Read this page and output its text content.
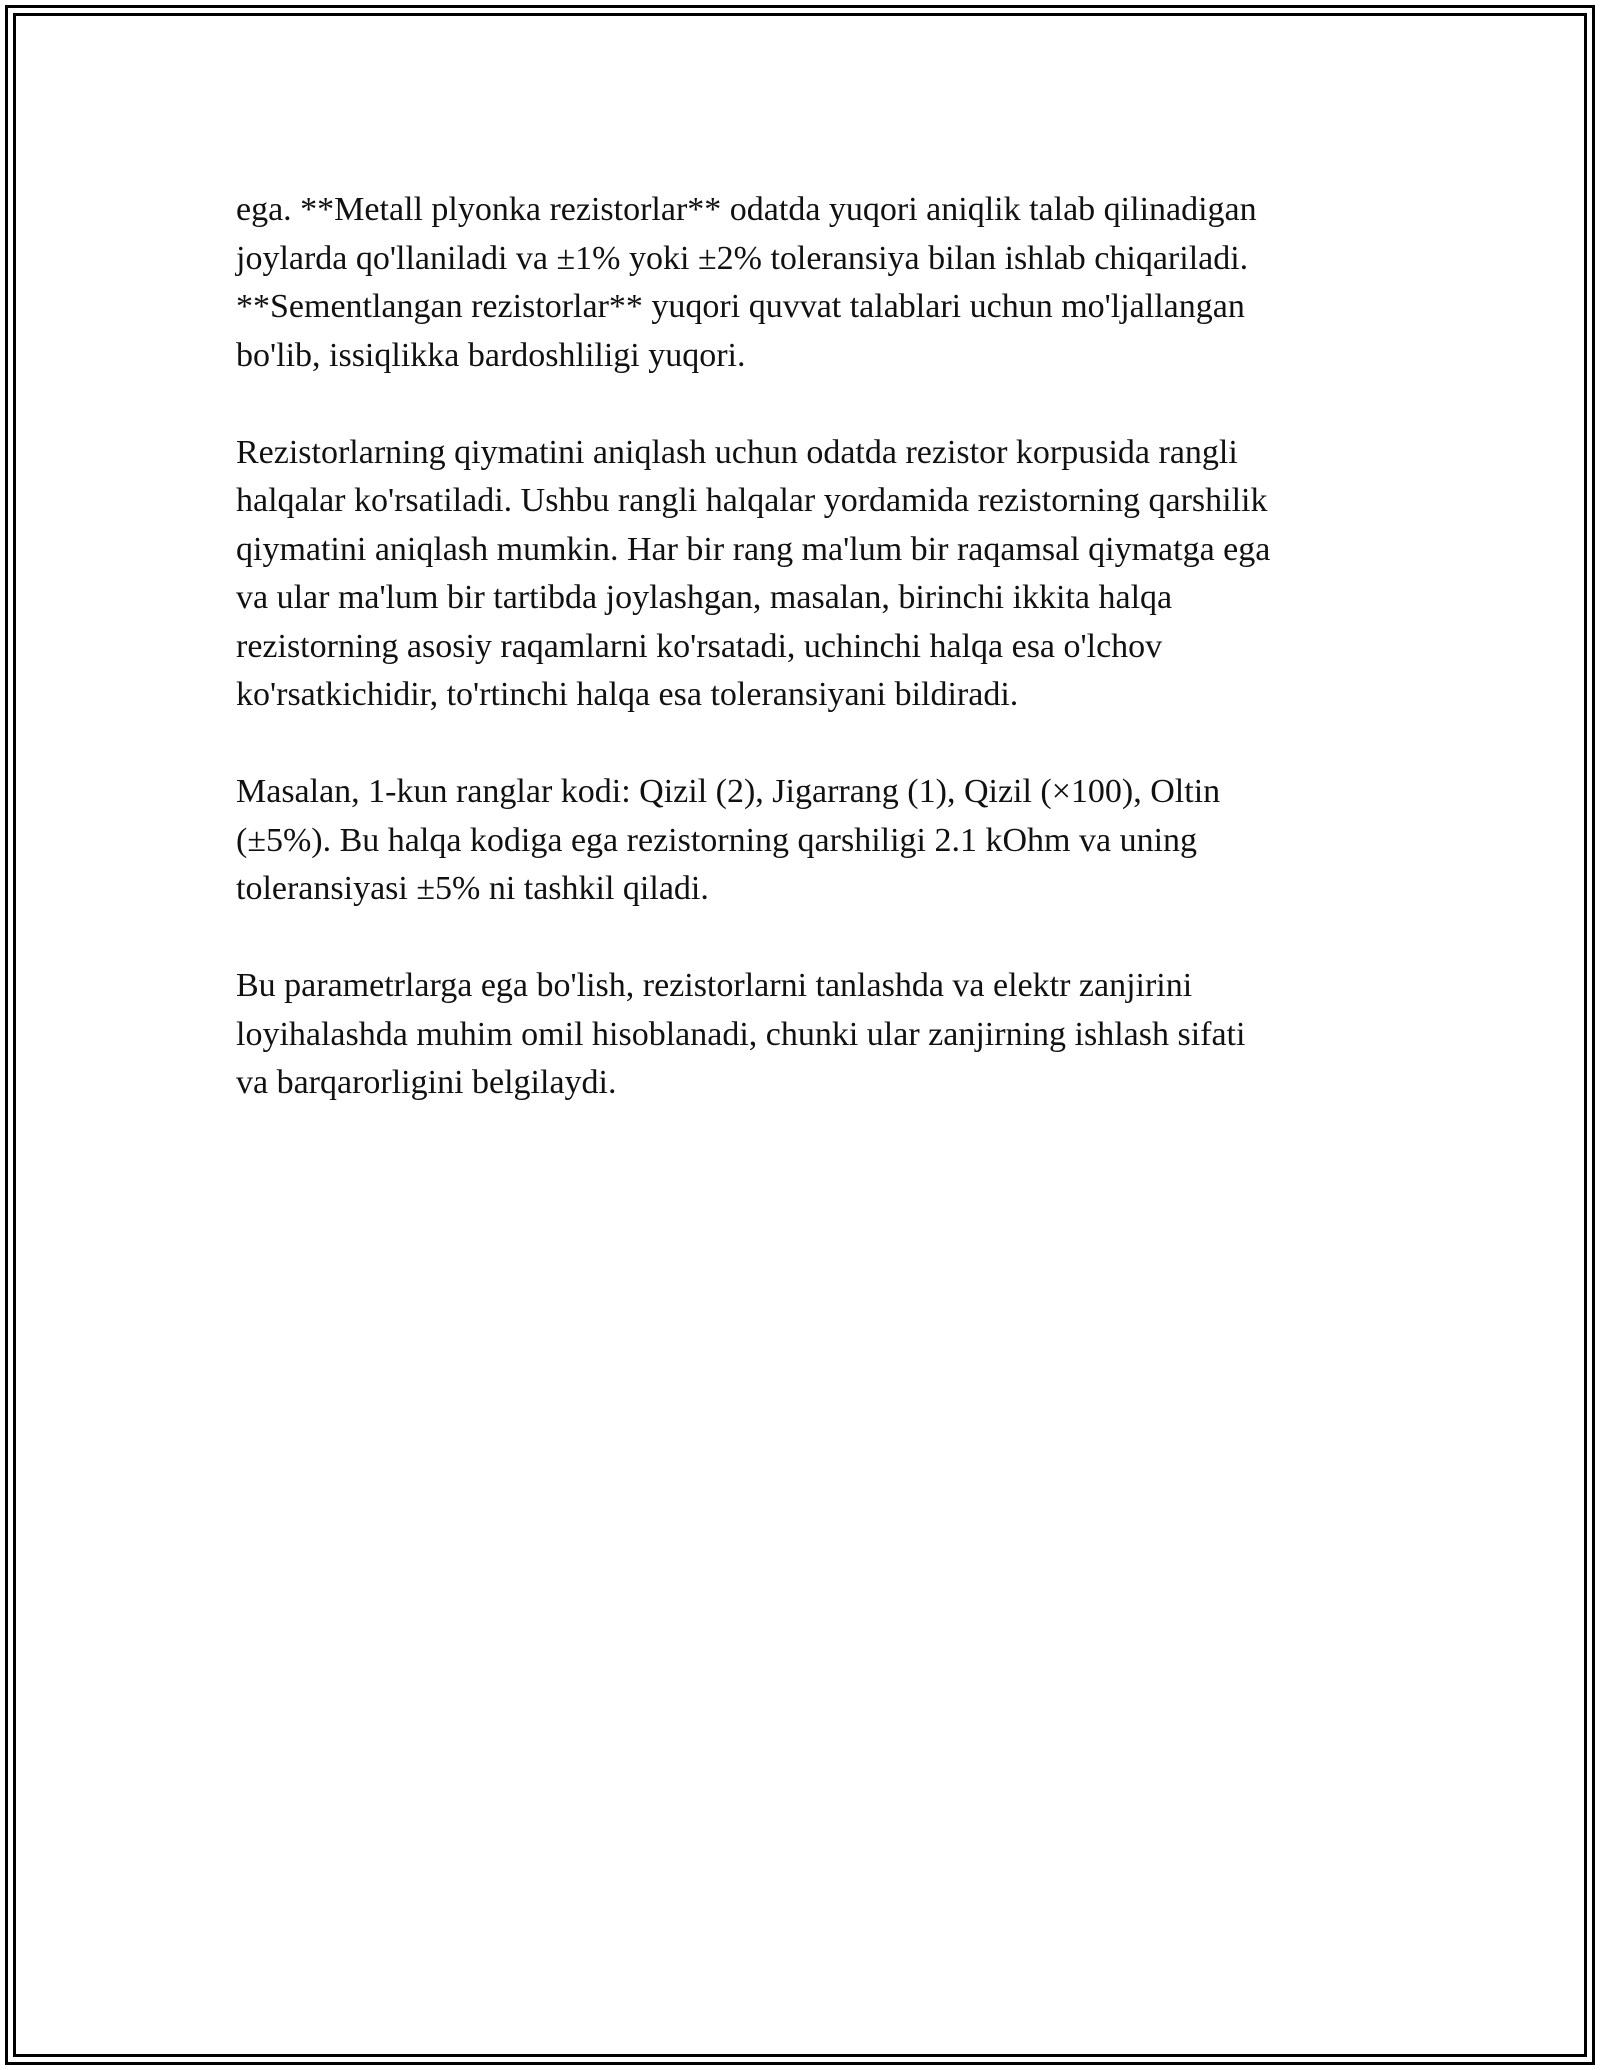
ega. **Metall plyonka rezistorlar** odatda yuqori aniqlik talab qilinadigan
joylarda qo'llaniladi va ±1% yoki ±2% toleransiya bilan ishlab chiqariladi.
**Sementlangan rezistorlar** yuqori quvvat talablari uchun mo'ljallangan
bo'lib, issiqlikka bardoshliligi yuqori.

Rezistorlarning qiymatini aniqlash uchun odatda rezistor korpusida rangli
halqalar ko'rsatiladi. Ushbu rangli halqalar yordamida rezistorning qarshilik
qiymatini aniqlash mumkin. Har bir rang ma'lum bir raqamsal qiymatga ega
va ular ma'lum bir tartibda joylashgan, masalan, birinchi ikkita halqa
rezistorning asosiy raqamlarni ko'rsatadi, uchinchi halqa esa o'lchov
ko'rsatkichidir, to'rtinchi halqa esa toleransiyani bildiradi.

Masalan, 1-kun ranglar kodi: Qizil (2), Jigarrang (1), Qizil (×100), Oltin
(±5%). Bu halqa kodiga ega rezistorning qarshiligi 2.1 kOhm va uning
toleransiyasi ±5% ni tashkil qiladi.

Bu parametrlarga ega bo'lish, rezistorlarni tanlashda va elektr zanjirini
loyihalashda muhim omil hisoblanadi, chunki ular zanjirning ishlash sifati
va barqarorligini belgilaydi.
